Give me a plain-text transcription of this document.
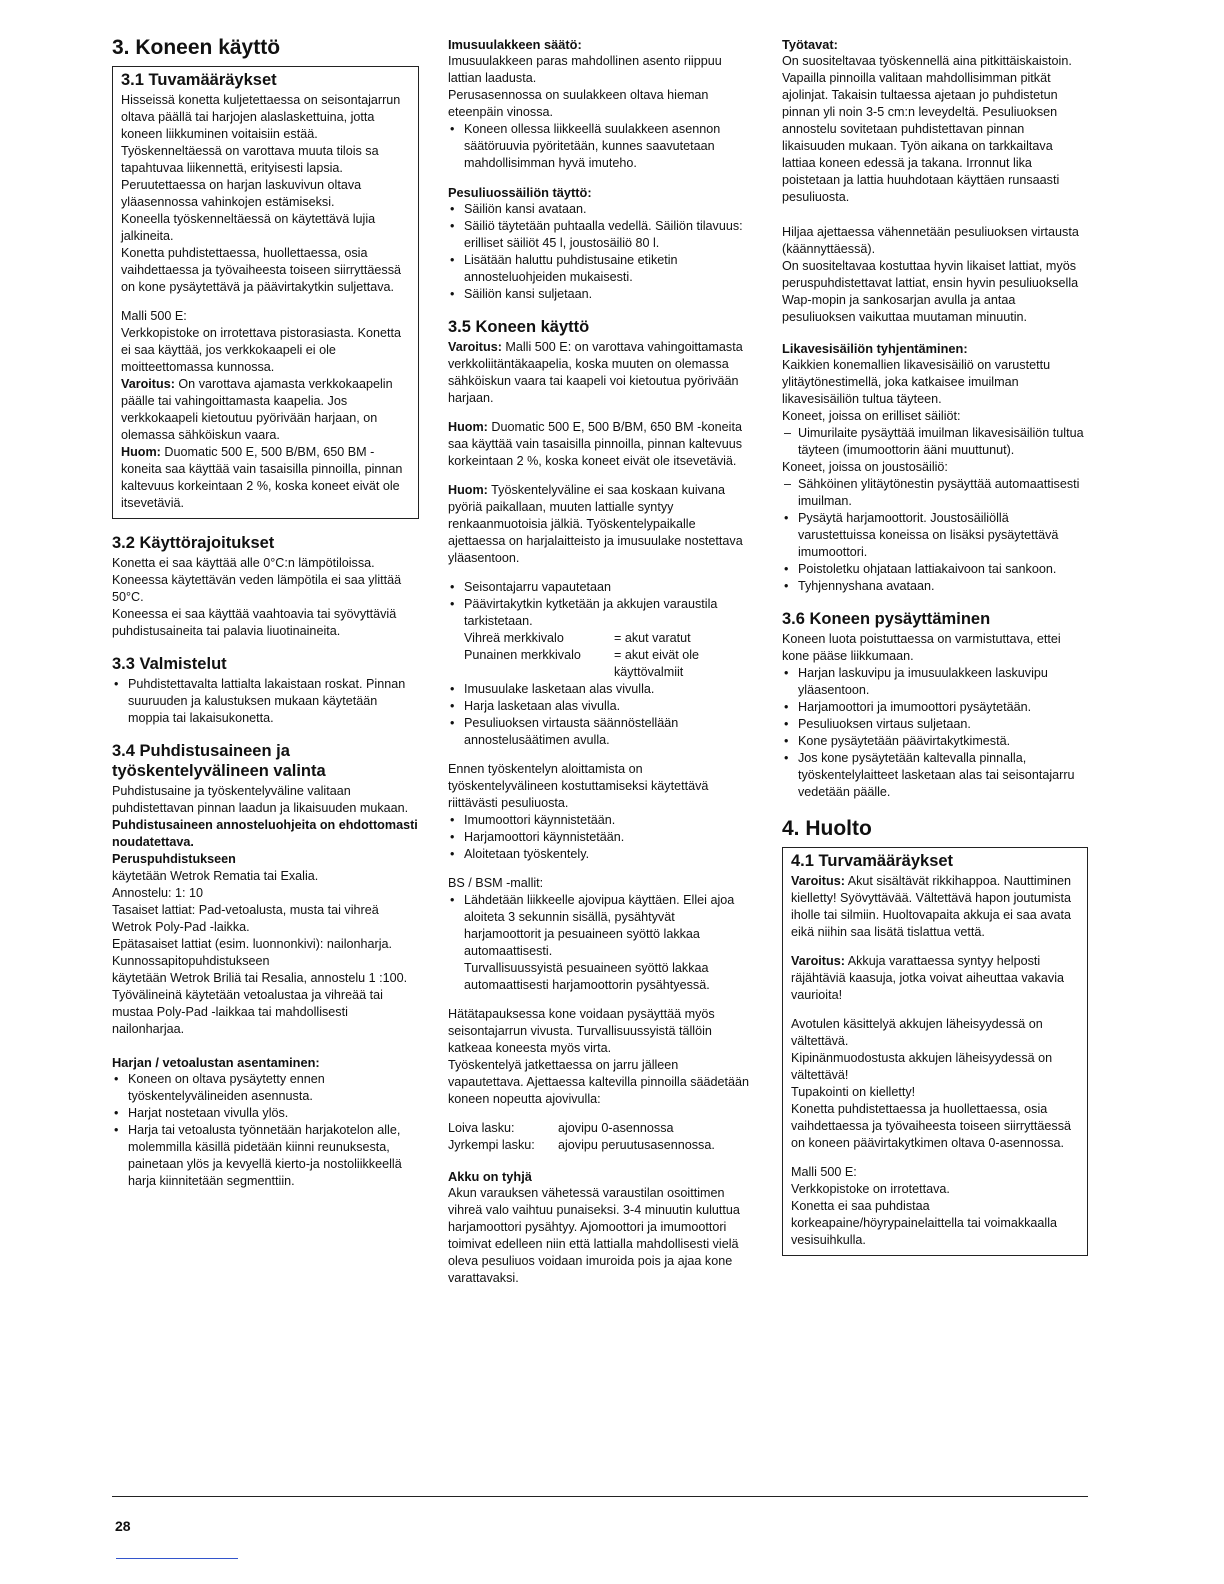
3. Koneen käyttö
3.1 Tuvamääräykset

Hisseissä konetta kuljetettaessa on seisontajarrun oltava päällä tai harjojen alaslaskettuina, jotta koneen liikkuminen voitaisiin estää.

Työskenneltäessä on varottava muuta tilois sa tapahtuvaa liikennettä, erityisesti lapsia.

Peruutettaessa on harjan laskuvivun oltava yläasennossa vahinkojen estämiseksi.

Koneella työskenneltäessä on käytettävä lujia jalkineita.

Konetta puhdistettaessa, huollettaessa, osia vaihdettaessa ja työvaiheesta toiseen siirryttäessä on kone pysäytettävä ja päävirtakytkin suljettava.

Malli 500 E:

Verkkopistoke on irrotettava pistorasiasta. Konetta ei saa käyttää, jos verkkokaapeli ei ole moitteettomassa kunnossa.

Varoitus: On varottava ajamasta verkkokaapelin päälle tai vahingoittamasta kaapelia. Jos verkkokaapeli kietoutuu pyörivään harjaan, on olemassa sähköiskun vaara.

Huom: Duomatic 500 E, 500 B/BM, 650 BM -koneita saa käyttää vain tasaisilla pinnoilla, pinnan kaltevuus korkeintaan 2 %, koska koneet eivät ole itsevetäviä.

3.2 Käyttörajoitukset

Konetta ei saa käyttää alle 0°C:n lämpötiloissa. Koneessa käytettävän veden lämpötila ei saa ylittää 50°C.

Koneessa ei saa käyttää vaahtoavia tai syövyttäviä puhdistusaineita tai palavia liuotinaineita.

3.3 Valmistelut
• Puhdistettavalta lattialta lakaistaan roskat. Pinnan suuruuden ja kalustuksen mukaan käytetään moppia tai lakaisukonetta.
3.4 Puhdistusaineen ja työskentelyvälineen valinta

Puhdistusaine ja työskentelyväline valitaan puhdistettavan pinnan laadun ja likaisuuden mukaan.

Puhdistusaineen annosteluohjeita on ehdottomasti noudatettava.

Peruspuhdistukseen

käytetään Wetrok Rematia tai Exalia.

Annostelu: 1: 10

Tasaiset lattiat: Pad-vetoalusta, musta tai vihreä Wetrok Poly-Pad -laikka.

Epätasaiset lattiat (esim. luonnonkivi): nailonharja.

Kunnossapitopuhdistukseen

käytetään Wetrok Briliä tai Resalia, annostelu 1 :100.

Työvälineinä käytetään vetoalustaa ja vihreää tai mustaa Poly-Pad -laikkaa tai mahdollisesti nailonharjaa.

Harjan / vetoalustan asentaminen:
• Koneen on oltava pysäytetty ennen työskentelyvälineiden asennusta.
• Harjat nostetaan vivulla ylös.
• Harja tai vetoalusta työnnetään harjakotelon alle, molemmilla käsillä pidetään kiinni reunuksesta, painetaan ylös ja kevyellä kierto-ja nostoliikkeellä harja kiinnitetään segmenttiin.
Imusuulakkeen säätö:

Imusuulakkeen paras mahdollinen asento riippuu lattian laadusta.

Perusasennossa on suulakkeen oltava hieman eteenpäin vinossa.

• Koneen ollessa liikkeellä suulakkeen asennon säätöruuvia pyöritetään, kunnes saavutetaan mahdollisimman hyvä imuteho.
Pesuliuossäiliön täyttö:
• Säiliön kansi avataan.
• Säiliö täytetään puhtaalla vedellä. Säiliön tilavuus: erilliset säiliöt 45 l, joustosäiliö 80 l.
• Lisätään haluttu puhdistusaine etiketin annosteluohjeiden mukaisesti.
• Säiliön kansi suljetaan.
3.5 Koneen käyttö

Varoitus: Malli 500 E: on varottava vahingoittamasta verkkoliitäntäkaapelia, koska muuten on olemassa sähköiskun vaara tai kaapeli voi kietoutua pyörivään harjaan.

Huom: Duomatic 500 E, 500 B/BM, 650 BM -koneita saa käyttää vain tasaisilla pinnoilla, pinnan kaltevuus korkeintaan 2 %, koska koneet eivät ole itsevetäviä.

Huom: Työskentelyväline ei saa koskaan kuivana pyöriä paikallaan, muuten lattialle syntyy renkaanmuotoisia jälkiä. Työskentelypaikalle ajettaessa on harjalaitteisto ja imusuulake nostettava yläasentoon.

• Seisontajarru vapautetaan
• Päävirtakytkin kytketään ja akkujen varaustila tarkistetaan.
Vihreä merkkivalo	= akut varatut
Punainen merkkivalo	= akut eivät ole käyttövalmiit
• Imusuulake lasketaan alas vivulla.
• Harja lasketaan alas vivulla.
• Pesuliuoksen virtausta säännöstellään annostelusäätimen avulla.

Ennen työskentelyn aloittamista on työskentelyvälineen kostuttamiseksi käytettävä riittävästi pesuliuosta.

• Imumoottori käynnistetään.
• Harjamoottori käynnistetään.
• Aloitetaan työskentely.

BS / BSM -mallit:

• Lähdetään liikkeelle ajovipua käyttäen. Ellei ajoa aloiteta 3 sekunnin sisällä, pysähtyvät harjamoottorit ja pesuaineen syöttö lakkaa automaattisesti.
Turvallisuussyistä pesuaineen syöttö lakkaa automaattisesti harjamoottorin pysähtyessä.

Hätätapauksessa kone voidaan pysäyttää myös seisontajarrun vivusta. Turvallisuussyistä tällöin katkeaa koneesta myös virta.

Työskentelyä jatkettaessa on jarru jälleen vapautettava. Ajettaessa kaltevilla pinnoilla säädetään koneen nopeutta ajovivulla:

Loiva lasku:	ajovipu 0-asennossa
Jyrkempi lasku:	ajovipu peruutusasennossa.
Akku on tyhjä

Akun varauksen vähetessä varaustilan osoittimen vihreä valo vaihtuu punaiseksi. 3-4 minuutin kuluttua harjamoottori pysähtyy. Ajomoottori ja imumoottori toimivat edelleen niin että lattialla mahdollisesti vielä oleva pesuliuos voidaan imuroida pois ja ajaa kone varattavaksi.

Työtavat:

On suositeltavaa työskennellä aina pitkittäiskaistoin. Vapailla pinnoilla valitaan mahdollisimman pitkät ajolinjat. Takaisin tultaessa ajetaan jo puhdistetun pinnan yli noin 3-5 cm:n leveydeltä. Pesuliuoksen annostelu sovitetaan puhdistettavan pinnan likaisuuden mukaan. Työn aikana on tarkkailtava lattiaa koneen edessä ja takana. Irronnut lika poistetaan ja lattia huuhdotaan käyttäen runsaasti pesuliuosta.

Hiljaa ajettaessa vähennetään pesuliuoksen virtausta (käännyttäessä).

On suositeltavaa kostuttaa hyvin likaiset lattiat, myös peruspuhdistettavat lattiat, ensin hyvin pesuliuoksella Wap-mopin ja sankosarjan avulla ja antaa pesuliuoksen vaikuttaa muutaman minuutin.

Likavesisäiliön tyhjentäminen:

Kaikkien konemallien likavesisäiliö on varustettu ylitäytönestimellä, joka katkaisee imuilman likavesisäiliön tultua täyteen.

Koneet, joissa on erilliset säiliöt:

– Uimurilaite pysäyttää imuilman likavesisäiliön tultua täyteen (imumoottorin ääni muuttunut).

Koneet, joissa on joustosäiliö:

– Sähköinen ylitäytönestin pysäyttää automaattisesti imuilman.
• Pysäytä harjamoottorit. Joustosäiliöllä varustettuissa koneissa on lisäksi pysäytettävä imumoottori.
• Poistoletku ohjataan lattiakaivoon tai sankoon.
• Tyhjennyshana avataan.
3.6 Koneen pysäyttäminen

Koneen luota poistuttaessa on varmistuttava, ettei kone pääse liikkumaan.

• Harjan laskuvipu ja imusuulakkeen laskuvipu yläasentoon.
• Harjamoottori ja imumoottori pysäytetään.
• Pesuliuoksen virtaus suljetaan.
• Kone pysäytetään päävirtakytkimestä.
• Jos kone pysäytetään kaltevalla pinnalla, työskentelylaitteet lasketaan alas tai seisontajarru vedetään päälle.
4. Huolto
4.1 Turvamääräykset

Varoitus: Akut sisältävät rikkihappoa. Nauttiminen kielletty! Syövyttävää. Vältettävä hapon joutumista iholle tai silmiin. Huoltovapaita akkuja ei saa avata eikä niihin saa lisätä tislattua vettä.

Varoitus: Akkuja varattaessa syntyy helposti räjähtäviä kaasuja, jotka voivat aiheuttaa vakavia vaurioita!

Avotulen käsittelyä akkujen läheisyydessä on vältettävä.

Kipinänmuodostusta akkujen läheisyydessä on vältettävä!

Tupakointi on kielletty!

Konetta puhdistettaessa ja huollettaessa, osia vaihdettaessa ja työvaiheesta toiseen siirryttäessä on koneen päävirtakytkimen oltava 0-asennossa.

Malli 500 E:

Verkkopistoke on irrotettava.

Konetta ei saa puhdistaa korkeapaine/höyrypainelaittella tai voimakkaalla vesisuihkulla.

28
